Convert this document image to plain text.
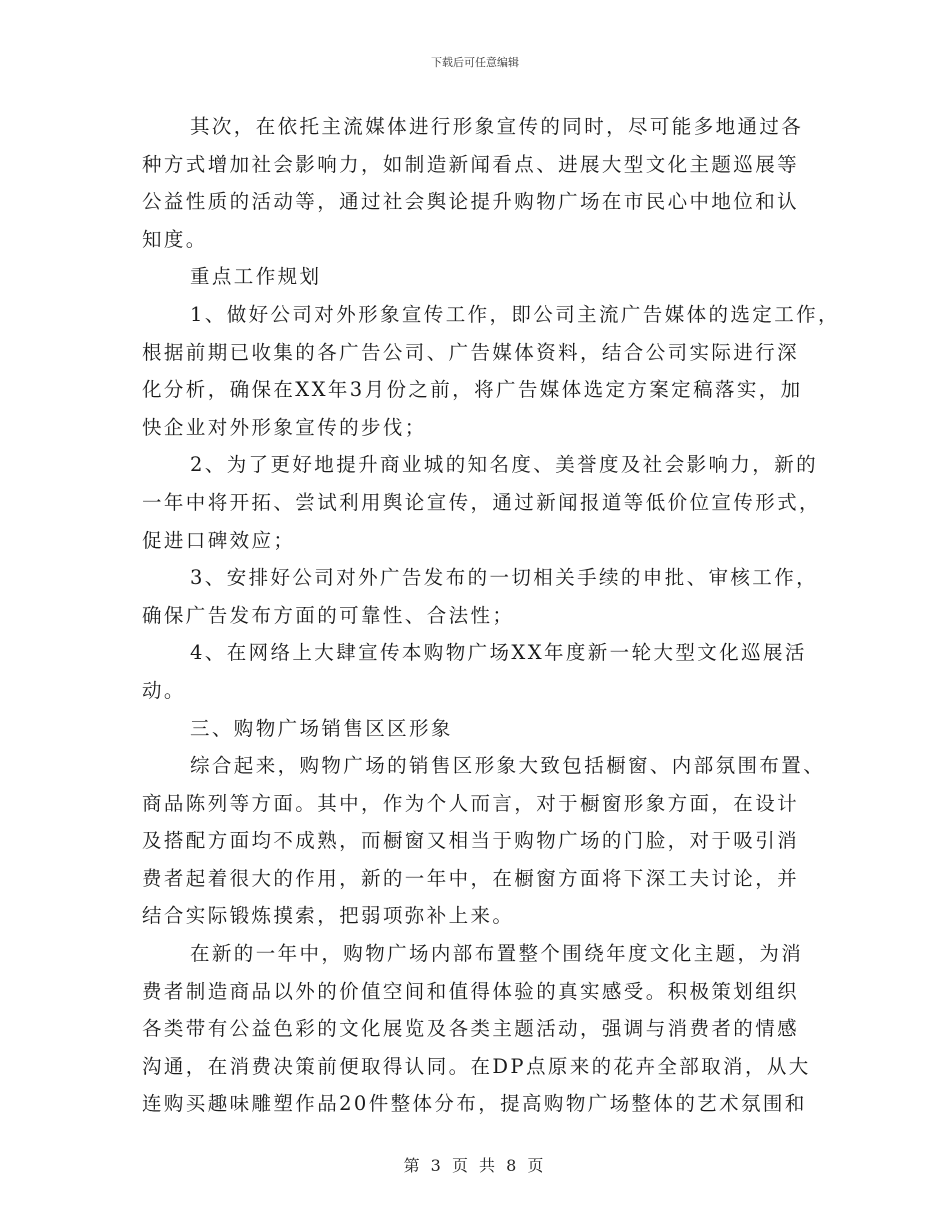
下载后可任意编辑
其次，在依托主流媒体进行形象宣传的同时，尽可能多地通过各
种方式增加社会影响力，如制造新闻看点、进展大型文化主题巡展等
公益性质的活动等，通过社会舆论提升购物广场在市民心中地位和认
知度。
重点工作规划
1、做好公司对外形象宣传工作，即公司主流广告媒体的选定工作，
根据前期已收集的各广告公司、广告媒体资料，结合公司实际进行深
化分析，确保在XX年3月份之前，将广告媒体选定方案定稿落实，加
快企业对外形象宣传的步伐；
2、为了更好地提升商业城的知名度、美誉度及社会影响力，新的
一年中将开拓、尝试利用舆论宣传，通过新闻报道等低价位宣传形式，
促进口碑效应；
3、安排好公司对外广告发布的一切相关手续的申批、审核工作，
确保广告发布方面的可靠性、合法性；
4、在网络上大肆宣传本购物广场XX年度新一轮大型文化巡展活
动。
三、购物广场销售区区形象
综合起来，购物广场的销售区形象大致包括橱窗、内部氛围布置、
商品陈列等方面。其中，作为个人而言，对于橱窗形象方面，在设计
及搭配方面均不成熟，而橱窗又相当于购物广场的门脸，对于吸引消
费者起着很大的作用，新的一年中，在橱窗方面将下深工夫讨论，并
结合实际锻炼摸索，把弱项弥补上来。
在新的一年中，购物广场内部布置整个围绕年度文化主题，为消
费者制造商品以外的价值空间和值得体验的真实感受。积极策划组织
各类带有公益色彩的文化展览及各类主题活动，强调与消费者的情感
沟通，在消费决策前便取得认同。在DP点原来的花卉全部取消，从大
连购买趣味雕塑作品20件整体分布，提高购物广场整体的艺术氛围和
第 3 页 共 8 页
